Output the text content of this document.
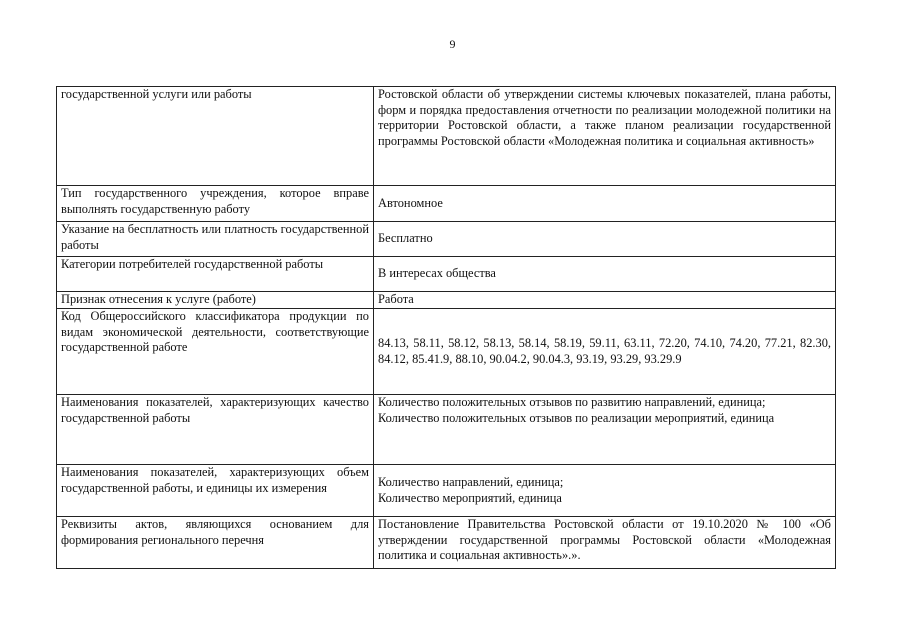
9
государственной услуги или работы	Ростовской области об утверждении системы ключевых показателей, плана работы, форм и порядка предоставления отчетности по реализации молодежной политики на территории Ростовской области, а также планом реализации государственной программы Ростовской области «Молодежная политика и социальная активность»
Тип государственного учреждения, которое вправе выполнять государственную работу	Автономное
Указание на бесплатность или платность государственной работы	Бесплатно
Категории потребителей государственной работы	В интересах общества
Признак отнесения к услуге (работе)	Работа
Код Общероссийского классификатора продукции по видам экономической деятельности, соответствующие государственной работе	84.13, 58.11, 58.12, 58.13, 58.14, 58.19, 59.11, 63.11, 72.20, 74.10, 74.20, 77.21, 82.30, 84.12, 85.41.9, 88.10, 90.04.2, 90.04.3, 93.19, 93.29, 93.29.9
Наименования показателей, характеризующих качество государственной работы	Количество положительных отзывов по развитию направлений, единица;
Количество положительных отзывов по реализации мероприятий, единица

Наименования показателей, характеризующих объем государственной работы, и единицы их измерения	Количество направлений, единица;
Количество мероприятий, единица

Реквизиты актов, являющихся основанием для формирования регионального перечня	Постановление Правительства Ростовской области от 19.10.2020 № 100 «Об утверждении государственной программы Ростовской области «Молодежная политика и социальная активность».».
